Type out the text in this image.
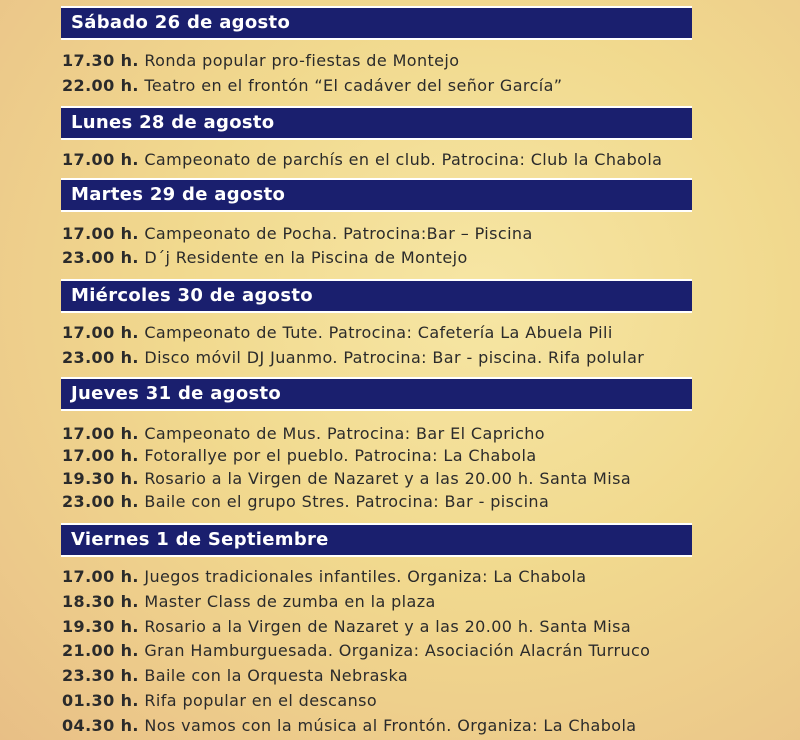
Sábado 26 de agosto
17.30 h. Ronda popular pro-fiestas de Montejo
22.00 h. Teatro en el frontón “El cadáver del señor García”
Lunes 28 de agosto
17.00 h. Campeonato de parchís en el club. Patrocina: Club la Chabola
Martes 29 de agosto
17.00 h. Campeonato de Pocha. Patrocina:Bar – Piscina
23.00 h. D´j Residente en la Piscina de Montejo
Miércoles 30 de agosto
17.00 h. Campeonato de Tute. Patrocina: Cafetería La Abuela Pili
23.00 h. Disco móvil DJ Juanmo. Patrocina: Bar - piscina. Rifa polular
Jueves 31 de agosto
17.00 h. Campeonato de Mus. Patrocina: Bar El Capricho
17.00 h. Fotorallye por el pueblo. Patrocina: La Chabola
19.30 h. Rosario a la Virgen de Nazaret y a las 20.00 h. Santa Misa
23.00 h. Baile con el grupo Stres. Patrocina: Bar - piscina
Viernes 1 de Septiembre
17.00 h. Juegos tradicionales infantiles. Organiza: La Chabola
18.30 h. Master Class de zumba en la plaza
19.30 h. Rosario a la Virgen de Nazaret y a las 20.00 h. Santa Misa
21.00 h. Gran Hamburguesada. Organiza: Asociación Alacrán Turruco
23.30 h. Baile con la Orquesta Nebraska
01.30 h. Rifa popular en el descanso
04.30 h. Nos vamos con la música al Frontón. Organiza: La Chabola
